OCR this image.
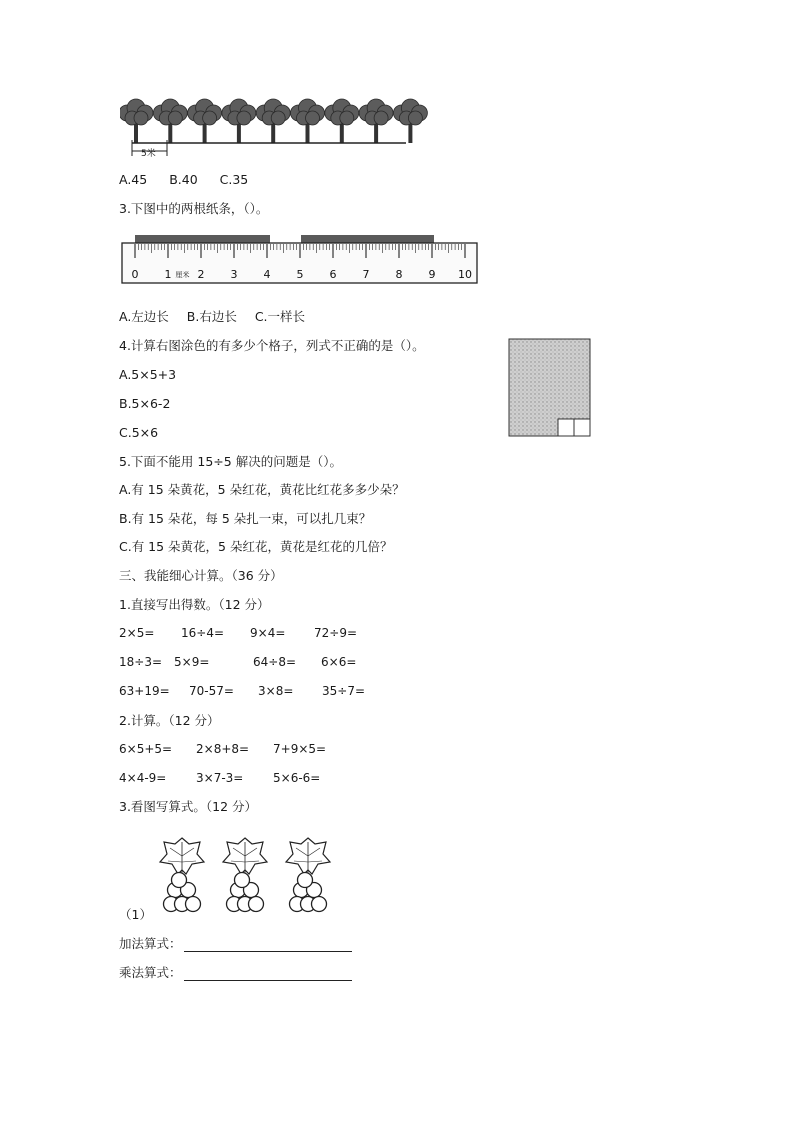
5米
A.45 B.40 C.35
3.下图中的两根纸条，（）。
0 1 2 3 4 5 6 7 8 9 10
厘米
A.左边长 B.右边长 C.一样长
4.计算右图涂色的有多少个格子，列式不正确的是（）。
A.5×5+3
B.5×6-2
C.5×6
5.下面不能用 15÷5 解决的问题是（）。
A.有 15 朵黄花，5 朵红花，黄花比红花多多少朵？
B.有 15 朵花，每 5 朵扎一束，可以扎几束？
C.有 15 朵黄花，5 朵红花，黄花是红花的几倍？
三、我能细心计算。（36 分）
1.直接写出得数。（12 分）
2×5= 16÷4= 9×4= 72÷9=
18÷3= 5×9=	64÷8= 6×6=
63+19= 70-57= 3×8= 35÷7=
2.计算。（12 分）
6×5+5= 2×8+8= 7+9×5=
4×4-9= 3×7-3= 5×6-6=
3.看图写算式。（12 分）
（1）
加法算式：
乘法算式：
